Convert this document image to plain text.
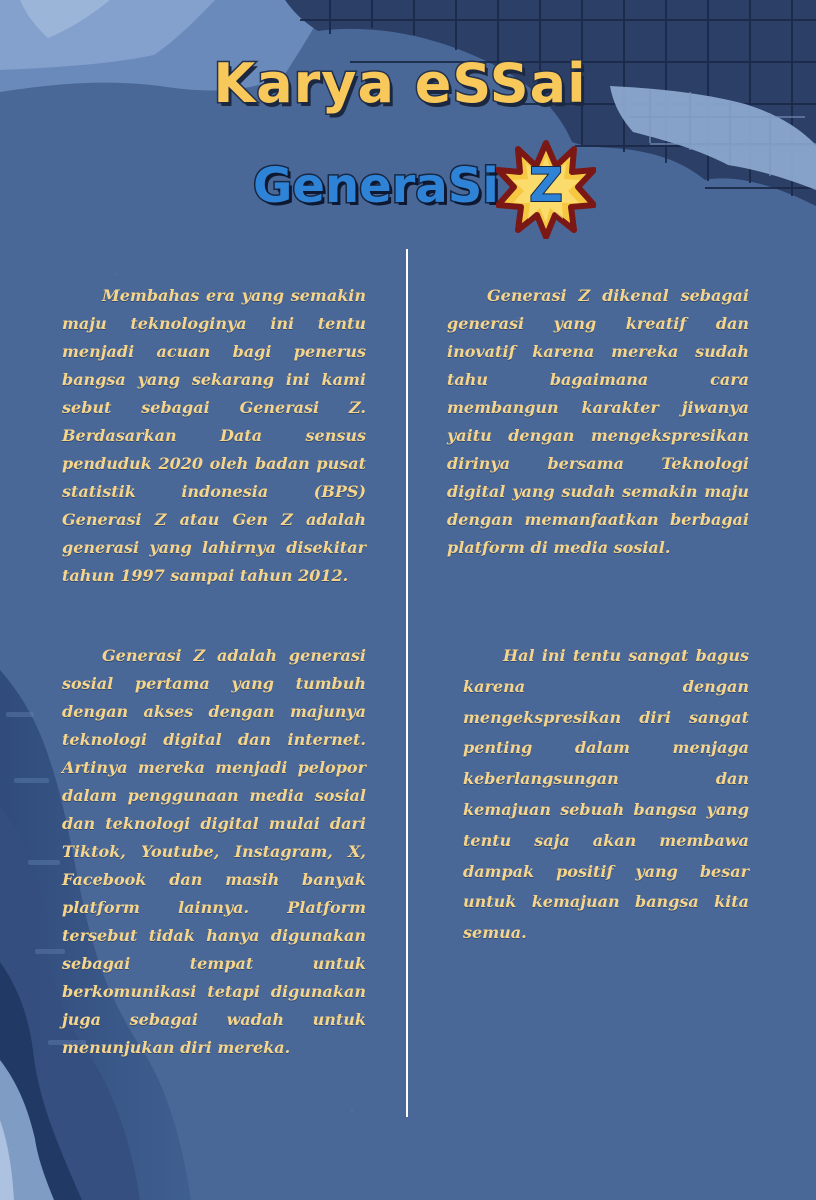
Karya eSSai
GeneraSi Z

Membahas era yang semakin maju teknologinya ini tentu menjadi acuan bagi penerus bangsa yang sekarang ini kami sebut sebagai Generasi Z. Berdasarkan Data sensus penduduk 2020 oleh badan pusat statistik indonesia (BPS) Generasi Z atau Gen Z adalah generasi yang lahirnya disekitar tahun 1997 sampai tahun 2012.

Generasi Z dikenal sebagai generasi yang kreatif dan inovatif karena mereka sudah tahu bagaimana cara membangun karakter jiwanya yaitu dengan mengekspresikan dirinya bersama Teknologi digital yang sudah semakin maju dengan memanfaatkan berbagai platform di media sosial.

Generasi Z adalah generasi sosial pertama yang tumbuh dengan akses dengan majunya teknologi digital dan internet. Artinya mereka menjadi pelopor dalam penggunaan media sosial dan teknologi digital mulai dari Tiktok, Youtube, Instagram, X, Facebook dan masih banyak platform lainnya. Platform tersebut tidak hanya digunakan sebagai tempat untuk berkomunikasi tetapi digunakan juga sebagai wadah untuk menunjukan diri mereka.

Hal ini tentu sangat bagus karena dengan mengekspresikan diri sangat penting dalam menjaga keberlangsungan dan kemajuan sebuah bangsa yang tentu saja akan membawa dampak positif yang besar untuk kemajuan bangsa kita semua.
